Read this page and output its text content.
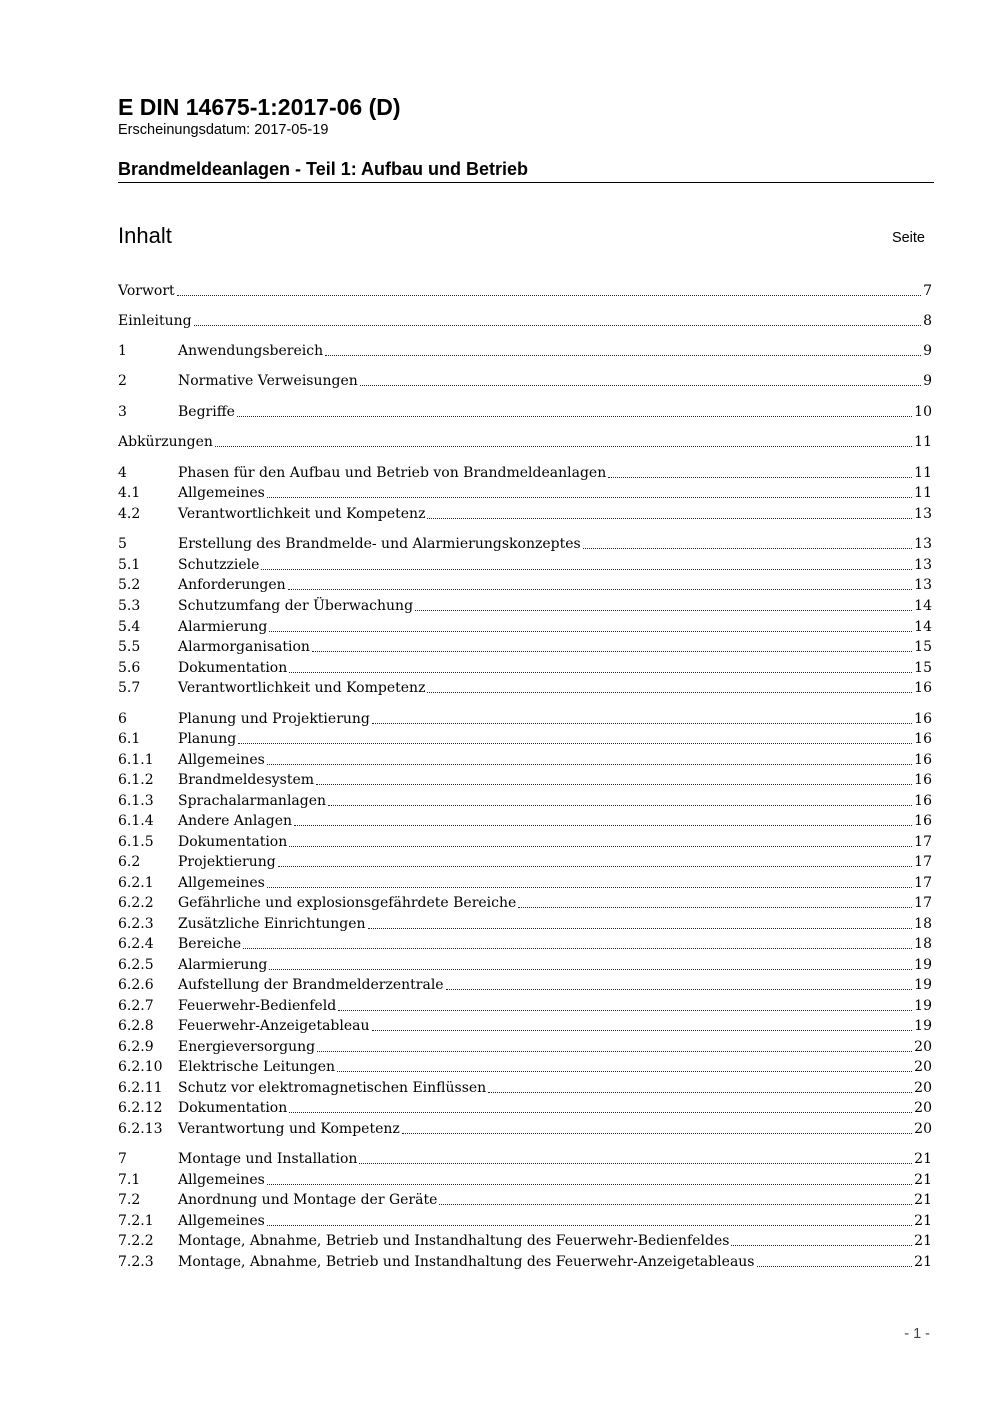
E DIN 14675-1:2017-06 (D)
Erscheinungsdatum: 2017-05-19
Brandmeldeanlagen - Teil 1: Aufbau und Betrieb
Inhalt	Seite
Vorwort	7
Einleitung	8
1	Anwendungsbereich	9
2	Normative Verweisungen	9
3	Begriffe	10
Abkürzungen	11
4	Phasen für den Aufbau und Betrieb von Brandmeldeanlagen	11
4.1	Allgemeines	11
4.2	Verantwortlichkeit und Kompetenz	13
5	Erstellung des Brandmelde- und Alarmierungskonzeptes	13
5.1	Schutzziele	13
5.2	Anforderungen	13
5.3	Schutzumfang der Überwachung	14
5.4	Alarmierung	14
5.5	Alarmorganisation	15
5.6	Dokumentation	15
5.7	Verantwortlichkeit und Kompetenz	16
6	Planung und Projektierung	16
6.1	Planung	16
6.1.1	Allgemeines	16
6.1.2	Brandmeldesystem	16
6.1.3	Sprachalarmanlagen	16
6.1.4	Andere Anlagen	16
6.1.5	Dokumentation	17
6.2	Projektierung	17
6.2.1	Allgemeines	17
6.2.2	Gefährliche und explosionsgefährdete Bereiche	17
6.2.3	Zusätzliche Einrichtungen	18
6.2.4	Bereiche	18
6.2.5	Alarmierung	19
6.2.6	Aufstellung der Brandmelderzentrale	19
6.2.7	Feuerwehr-Bedienfeld	19
6.2.8	Feuerwehr-Anzeigetableau	19
6.2.9	Energieversorgung	20
6.2.10	Elektrische Leitungen	20
6.2.11	Schutz vor elektromagnetischen Einflüssen	20
6.2.12	Dokumentation	20
6.2.13	Verantwortung und Kompetenz	20
7	Montage und Installation	21
7.1	Allgemeines	21
7.2	Anordnung und Montage der Geräte	21
7.2.1	Allgemeines	21
7.2.2	Montage, Abnahme, Betrieb und Instandhaltung des Feuerwehr-Bedienfeldes	21
7.2.3	Montage, Abnahme, Betrieb und Instandhaltung des Feuerwehr-Anzeigetableaus	21
- 1 -
